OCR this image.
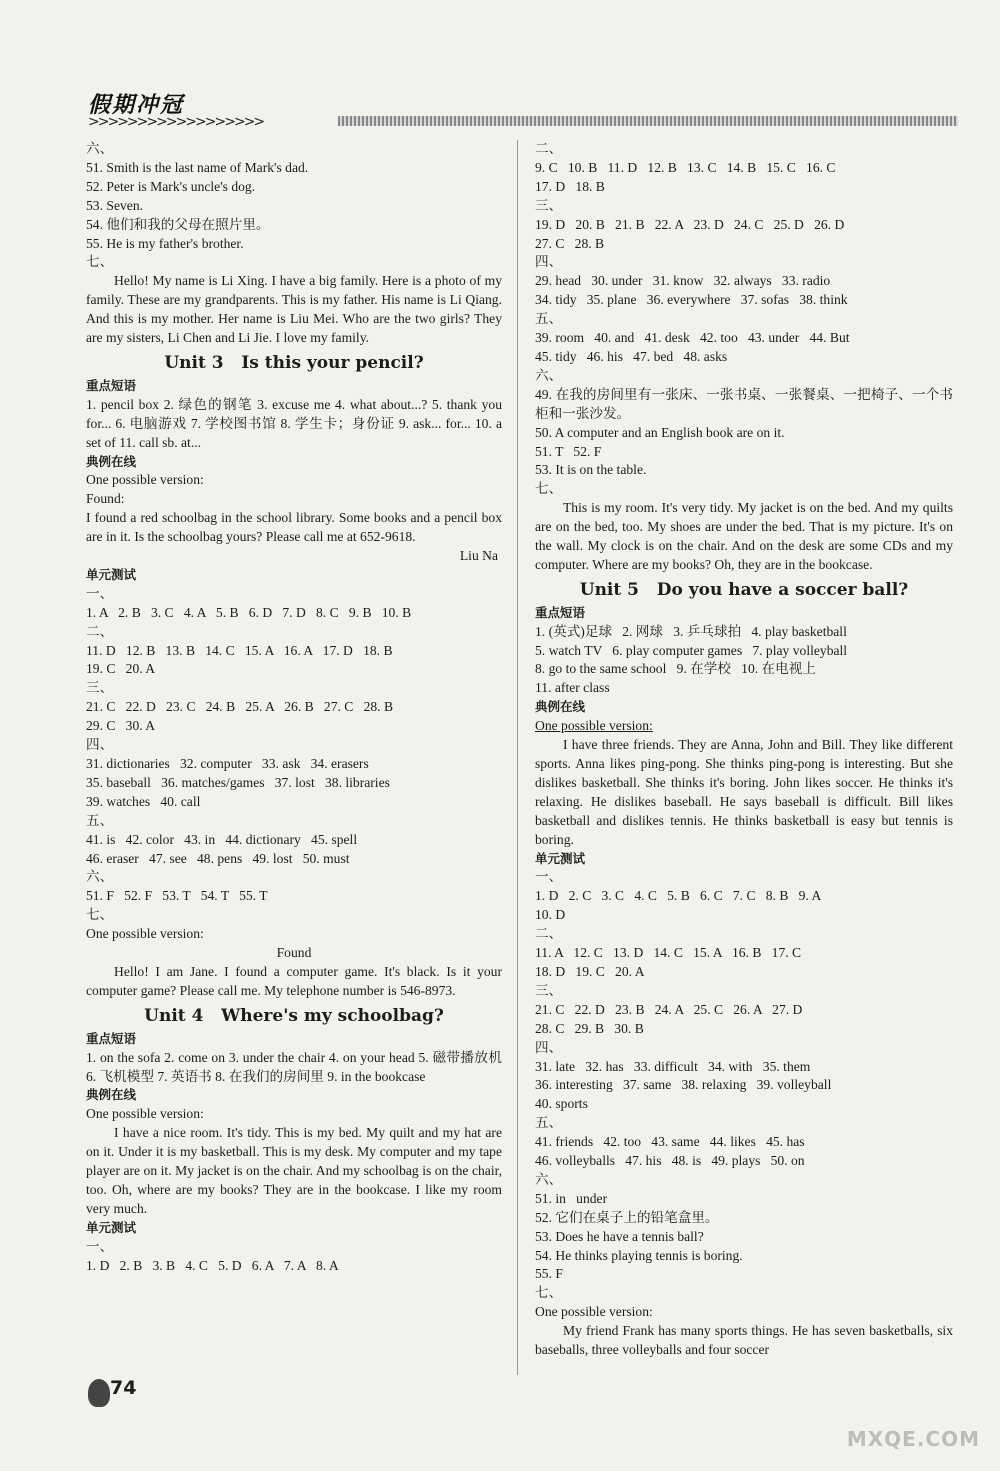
假期冲冠
>>>>>>>>>>>>>>>>>>
六、
51. Smith is the last name of Mark's dad.
52. Peter is Mark's uncle's dog.
53. Seven.
54. 他们和我的父母在照片里。
55. He is my father's brother.
七、
Hello! My name is Li Xing. I have a big family. Here is a photo of my family. These are my grandparents. This is my father. His name is Li Qiang. And this is my mother. Her name is Liu Mei. Who are the two girls? They are my sisters, Li Chen and Li Jie. I love my family.
Unit 3   Is this your pencil?
重点短语
1. pencil box 2. 绿色的钢笔 3. excuse me 4. what about...? 5. thank you for... 6. 电脑游戏 7. 学校图书馆 8. 学生卡；身份证 9. ask... for... 10. a set of 11. call sb. at...
典例在线
One possible version:
Found:
I found a red schoolbag in the school library. Some books and a pencil box are in it. Is the schoolbag yours? Please call me at 652-9618.
Liu Na
单元测试
一、
1. A   2. B   3. C   4. A   5. B   6. D   7. D   8. C   9. B   10. B
二、
11. D   12. B   13. B   14. C   15. A   16. A   17. D   18. B
19. C   20. A
三、
21. C   22. D   23. C   24. B   25. A   26. B   27. C   28. B
29. C   30. A
四、
31. dictionaries   32. computer   33. ask   34. erasers
35. baseball   36. matches/games   37. lost   38. libraries
39. watches   40. call
五、
41. is   42. color   43. in   44. dictionary   45. spell
46. eraser   47. see   48. pens   49. lost   50. must
六、
51. F   52. F   53. T   54. T   55. T
七、
One possible version:
Found
Hello! I am Jane. I found a computer game. It's black. Is it your computer game? Please call me. My telephone number is 546-8973.
Unit 4   Where's my schoolbag?
重点短语
1. on the sofa 2. come on 3. under the chair 4. on your head 5. 磁带播放机 6. 飞机模型 7. 英语书 8. 在我们的房间里 9. in the bookcase
典例在线
One possible version:
I have a nice room. It's tidy. This is my bed. My quilt and my hat are on it. Under it is my basketball. This is my desk. My computer and my tape player are on it. My jacket is on the chair. And my schoolbag is on the chair, too. Oh, where are my books? They are in the bookcase. I like my room very much.
单元测试
一、
1. D   2. B   3. B   4. C   5. D   6. A   7. A   8. A
二、
9. C   10. B   11. D   12. B   13. C   14. B   15. C   16. C
17. D   18. B
三、
19. D   20. B   21. B   22. A   23. D   24. C   25. D   26. D
27. C   28. B
四、
29. head   30. under   31. know   32. always   33. radio
34. tidy   35. plane   36. everywhere   37. sofas   38. think
五、
39. room   40. and   41. desk   42. too   43. under   44. But
45. tidy   46. his   47. bed   48. asks
六、
49. 在我的房间里有一张床、一张书桌、一张餐桌、一把椅子、一个书柜和一张沙发。
50. A computer and an English book are on it.
51. T   52. F
53. It is on the table.
七、
This is my room. It's very tidy. My jacket is on the bed. And my quilts are on the bed, too. My shoes are under the bed. That is my picture. It's on the wall. My clock is on the chair. And on the desk are some CDs and my computer. Where are my books? Oh, they are in the bookcase.
Unit 5   Do you have a soccer ball?
重点短语
1. (英式)足球   2. 网球   3. 乒乓球拍   4. play basketball
5. watch TV   6. play computer games   7. play volleyball
8. go to the same school   9. 在学校   10. 在电视上
11. after class
典例在线
One possible version:
I have three friends. They are Anna, John and Bill. They like different sports. Anna likes ping-pong. She thinks ping-pong is interesting. But she dislikes basketball. She thinks it's boring. John likes soccer. He thinks it's relaxing. He dislikes baseball. He says baseball is difficult. Bill likes basketball and dislikes tennis. He thinks basketball is easy but tennis is boring.
单元测试
一、
1. D   2. C   3. C   4. C   5. B   6. C   7. C   8. B   9. A
10. D
二、
11. A   12. C   13. D   14. C   15. A   16. B   17. C
18. D   19. C   20. A
三、
21. C   22. D   23. B   24. A   25. C   26. A   27. D
28. C   29. B   30. B
四、
31. late   32. has   33. difficult   34. with   35. them
36. interesting   37. same   38. relaxing   39. volleyball
40. sports
五、
41. friends   42. too   43. same   44. likes   45. has
46. volleyballs   47. his   48. is   49. plays   50. on
六、
51. in   under
52. 它们在桌子上的铅笔盒里。
53. Does he have a tennis ball?
54. He thinks playing tennis is boring.
55. F
七、
One possible version:
My friend Frank has many sports things. He has seven basketballs, six baseballs, three volleyballs and four soccer
74
MXQE.COM
